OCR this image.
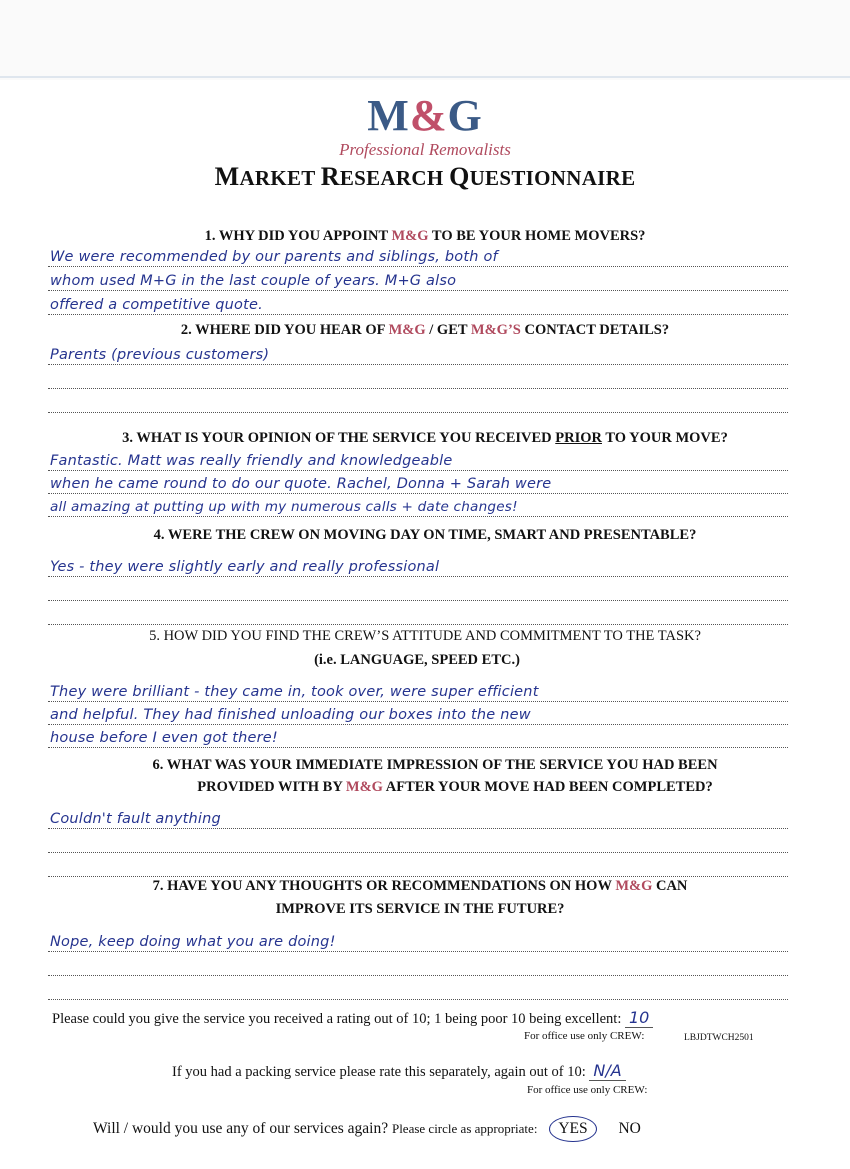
M&G
Professional Removalists
MARKET RESEARCH QUESTIONNAIRE
1. WHY DID YOU APPOINT M&G TO BE YOUR HOME MOVERS?
We were recommended by our parents and siblings, both of
whom used M+G in the last couple of years. M+G also
offered a competitive quote.
2. WHERE DID YOU HEAR OF M&G / GET M&G’S CONTACT DETAILS?
Parents (previous customers)
3. WHAT IS YOUR OPINION OF THE SERVICE YOU RECEIVED PRIOR TO YOUR MOVE?
Fantastic. Matt was really friendly and knowledgeable
when he came round to do our quote. Rachel, Donna + Sarah were
all amazing at putting up with my numerous calls + date changes!
4. WERE THE CREW ON MOVING DAY ON TIME, SMART AND PRESENTABLE?
Yes - they were slightly early and really professional
5. HOW DID YOU FIND THE CREW’S ATTITUDE AND COMMITMENT TO THE TASK?
(i.e. LANGUAGE, SPEED ETC.)
They were brilliant - they came in, took over, were super efficient
and helpful. They had finished unloading our boxes into the new
house before I even got there!
6. WHAT WAS YOUR IMMEDIATE IMPRESSION OF THE SERVICE YOU HAD BEEN
PROVIDED WITH BY M&G AFTER YOUR MOVE HAD BEEN COMPLETED?
Couldn't fault anything
7. HAVE YOU ANY THOUGHTS OR RECOMMENDATIONS ON HOW M&G CAN
IMPROVE ITS SERVICE IN THE FUTURE?
Nope, keep doing what you are doing!
Please could you give the service you received a rating out of 10; 1 being poor 10 being excellent: 10
For office use only CREW:	LBJDTWCH2501
If you had a packing service please rate this separately, again out of 10: N/A
For office use only CREW:
Will / would you use any of our services again? Please circle as appropriate: YES NO
